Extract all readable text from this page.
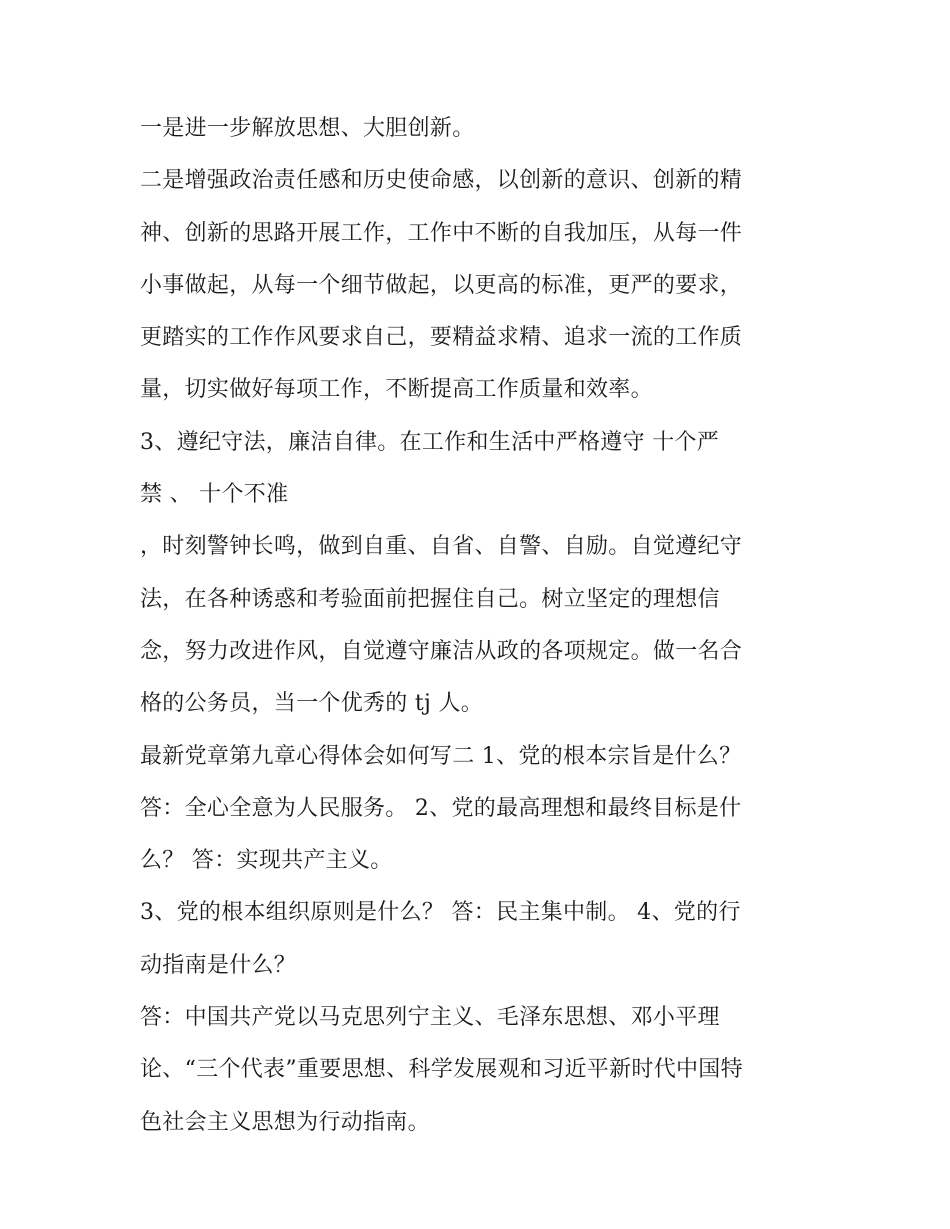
一是进一步解放思想、大胆创新。
二是增强政治责任感和历史使命感，以创新的意识、创新的精
神、创新的思路开展工作，工作中不断的自我加压，从每一件
小事做起，从每一个细节做起，以更高的标准，更严的要求，
更踏实的工作作风要求自己，要精益求精、追求一流的工作质
量，切实做好每项工作，不断提高工作质量和效率。
3、遵纪守法，廉洁自律。在工作和生活中严格遵守 十个严
禁 、 十个不准
，时刻警钟长鸣，做到自重、自省、自警、自励。自觉遵纪守
法，在各种诱惑和考验面前把握住自己。树立坚定的理想信
念，努力改进作风，自觉遵守廉洁从政的各项规定。做一名合
格的公务员，当一个优秀的 tj 人。
最新党章第九章心得体会如何写二 1、党的根本宗旨是什么？
答：全心全意为人民服务。 2、党的最高理想和最终目标是什
么？ 答：实现共产主义。
3、党的根本组织原则是什么？ 答：民主集中制。 4、党的行
动指南是什么？
答：中国共产党以马克思列宁主义、毛泽东思想、邓小平理
论、“三个代表”重要思想、科学发展观和习近平新时代中国特
色社会主义思想为行动指南。
